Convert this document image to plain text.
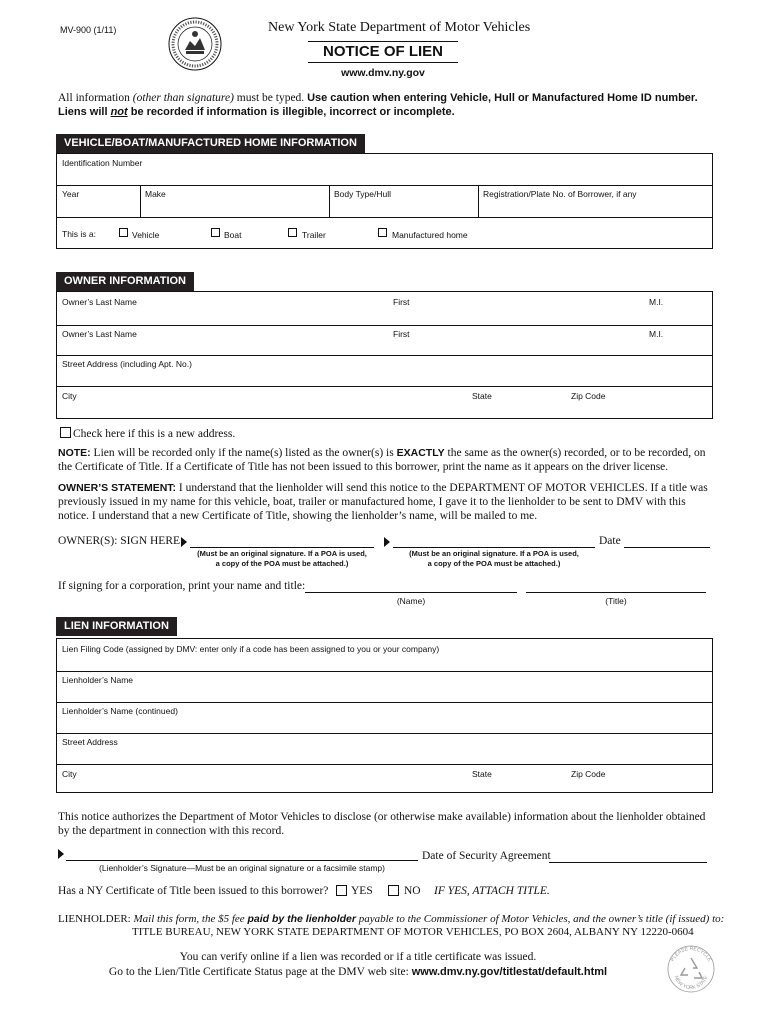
MV-900 (1/11)	New York State Department of Motor Vehicles
NOTICE OF LIEN
www.dmv.ny.gov
All information (other than signature) must be typed. Use caution when entering Vehicle, Hull or Manufactured Home ID number.
Liens will not be recorded if information is illegible, incorrect or incomplete.
VEHICLE/BOAT/MANUFACTURED HOME INFORMATION
Identification Number
Year	Make	Body Type/Hull	Registration/Plate No. of Borrower, if any
This is a:	Vehicle	Boat	Trailer	Manufactured home
OWNER INFORMATION
Owner’s Last Name	First	M.I.
Owner’s Last Name	First	M.I.
Street Address (including Apt. No.)
City	State	Zip Code
Check here if this is a new address.
NOTE: Lien will be recorded only if the name(s) listed as the owner(s) is EXACTLY the same as the owner(s) recorded, or to be recorded, on the Certificate of Title. If a Certificate of Title has not been issued to this borrower, print the name as it appears on the driver license.
OWNER’S STATEMENT: I understand that the lienholder will send this notice to the DEPARTMENT OF MOTOR VEHICLES. If a title was previously issued in my name for this vehicle, boat, trailer or manufactured home, I gave it to the lienholder to be sent to DMV with this notice. I understand that a new Certificate of Title, showing the lienholder’s name, will be mailed to me.
OWNER(S): SIGN HERE
(Must be an original signature. If a POA is used,
a copy of the POA must be attached.)
(Must be an original signature. If a POA is used,
a copy of the POA must be attached.)
Date
If signing for a corporation, print your name and title:
(Name)	(Title)
LIEN INFORMATION
Lien Filing Code (assigned by DMV: enter only if a code has been assigned to you or your company)
Lienholder’s Name
Lienholder’s Name (continued)
Street Address
City	State	Zip Code
This notice authorizes the Department of Motor Vehicles to disclose (or otherwise make available) information about the lienholder obtained by the department in connection with this record.
(Lienholder’s Signature—Must be an original signature or a facsimile stamp)
Date of Security Agreement
Has a NY Certificate of Title been issued to this borrower? YES	NO IF YES, ATTACH TITLE.
LIENHOLDER: Mail this form, the $5 fee paid by the lienholder payable to the Commissioner of Motor Vehicles, and the owner’s title (if issued) to:
TITLE BUREAU, NEW YORK STATE DEPARTMENT OF MOTOR VEHICLES, PO BOX 2604, ALBANY NY 12220-0604
You can verify online if a lien was recorded or if a title certificate was issued.
Go to the Lien/Title Certificate Status page at the DMV web site: www.dmv.ny.gov/titlestat/default.html
PLEASE RECYCLE
NEW YORK STATE
